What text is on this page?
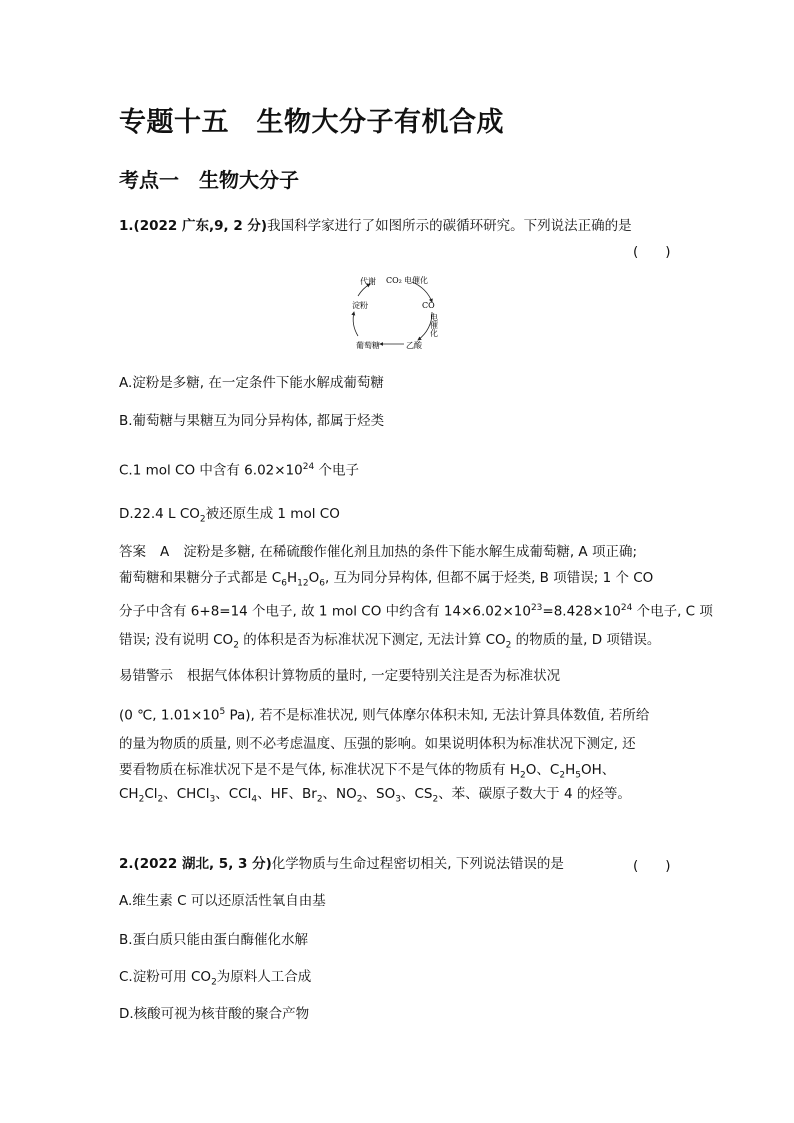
专题十五　生物大分子有机合成
考点一　生物大分子
1.(2022 广东,9, 2 分)我国科学家进行了如图所示的碳循环研究。下列说法正确的是
(　　)
代谢 CO₂ 电催化
淀粉	CO
电
催
化
葡萄糖	乙酸
A.淀粉是多糖, 在一定条件下能水解成葡萄糖
B.葡萄糖与果糖互为同分异构体, 都属于烃类
C.1 mol CO 中含有 $6.02\times 10^{24}$ 个电子
D.22.4 L $CO_2$被还原生成 1 mol CO
答案 A 淀粉是多糖, 在稀硫酸作催化剂且加热的条件下能水解生成葡萄糖, A 项正确;
葡萄糖和果糖分子式都是 $C_6H_{12}O_6$, 互为同分异构体, 但都不属于烃类, B 项错误; 1 个 CO
分子中含有 6+8=14 个电子, 故 1 mol CO 中约含有 $14\times 6.02\times 10^{23}=8.428\times 10^{24}$ 个电子, C 项
错误; 没有说明 $CO_2$ 的体积是否为标准状况下测定, 无法计算 $CO_2$ 的物质的量, D 项错误。
易错警示 根据气体体积计算物质的量时, 一定要特别关注是否为标准状况
(0 ℃, $1.01\times 10^5$ Pa), 若不是标准状况, 则气体摩尔体积未知, 无法计算具体数值, 若所给
的量为物质的质量, 则不必考虑温度、压强的影响。如果说明体积为标准状况下测定, 还
要看物质在标准状况下是不是气体, 标准状况下不是气体的物质有 $H_2O$、$C_2H_5OH$、
$CH_2Cl_2$、CHCl$_3$、CCl$_4$、HF、$Br_2$、$NO_2$、$SO_3$、$CS_2$、苯、碳原子数大于 4 的烃等。
2.(2022 湖北, 5, 3 分)化学物质与生命过程密切相关, 下列说法错误的是	(　　)
A.维生素 C 可以还原活性氧自由基
B.蛋白质只能由蛋白酶催化水解
C.淀粉可用 $CO_2$为原料人工合成
D.核酸可视为核苷酸的聚合产物
